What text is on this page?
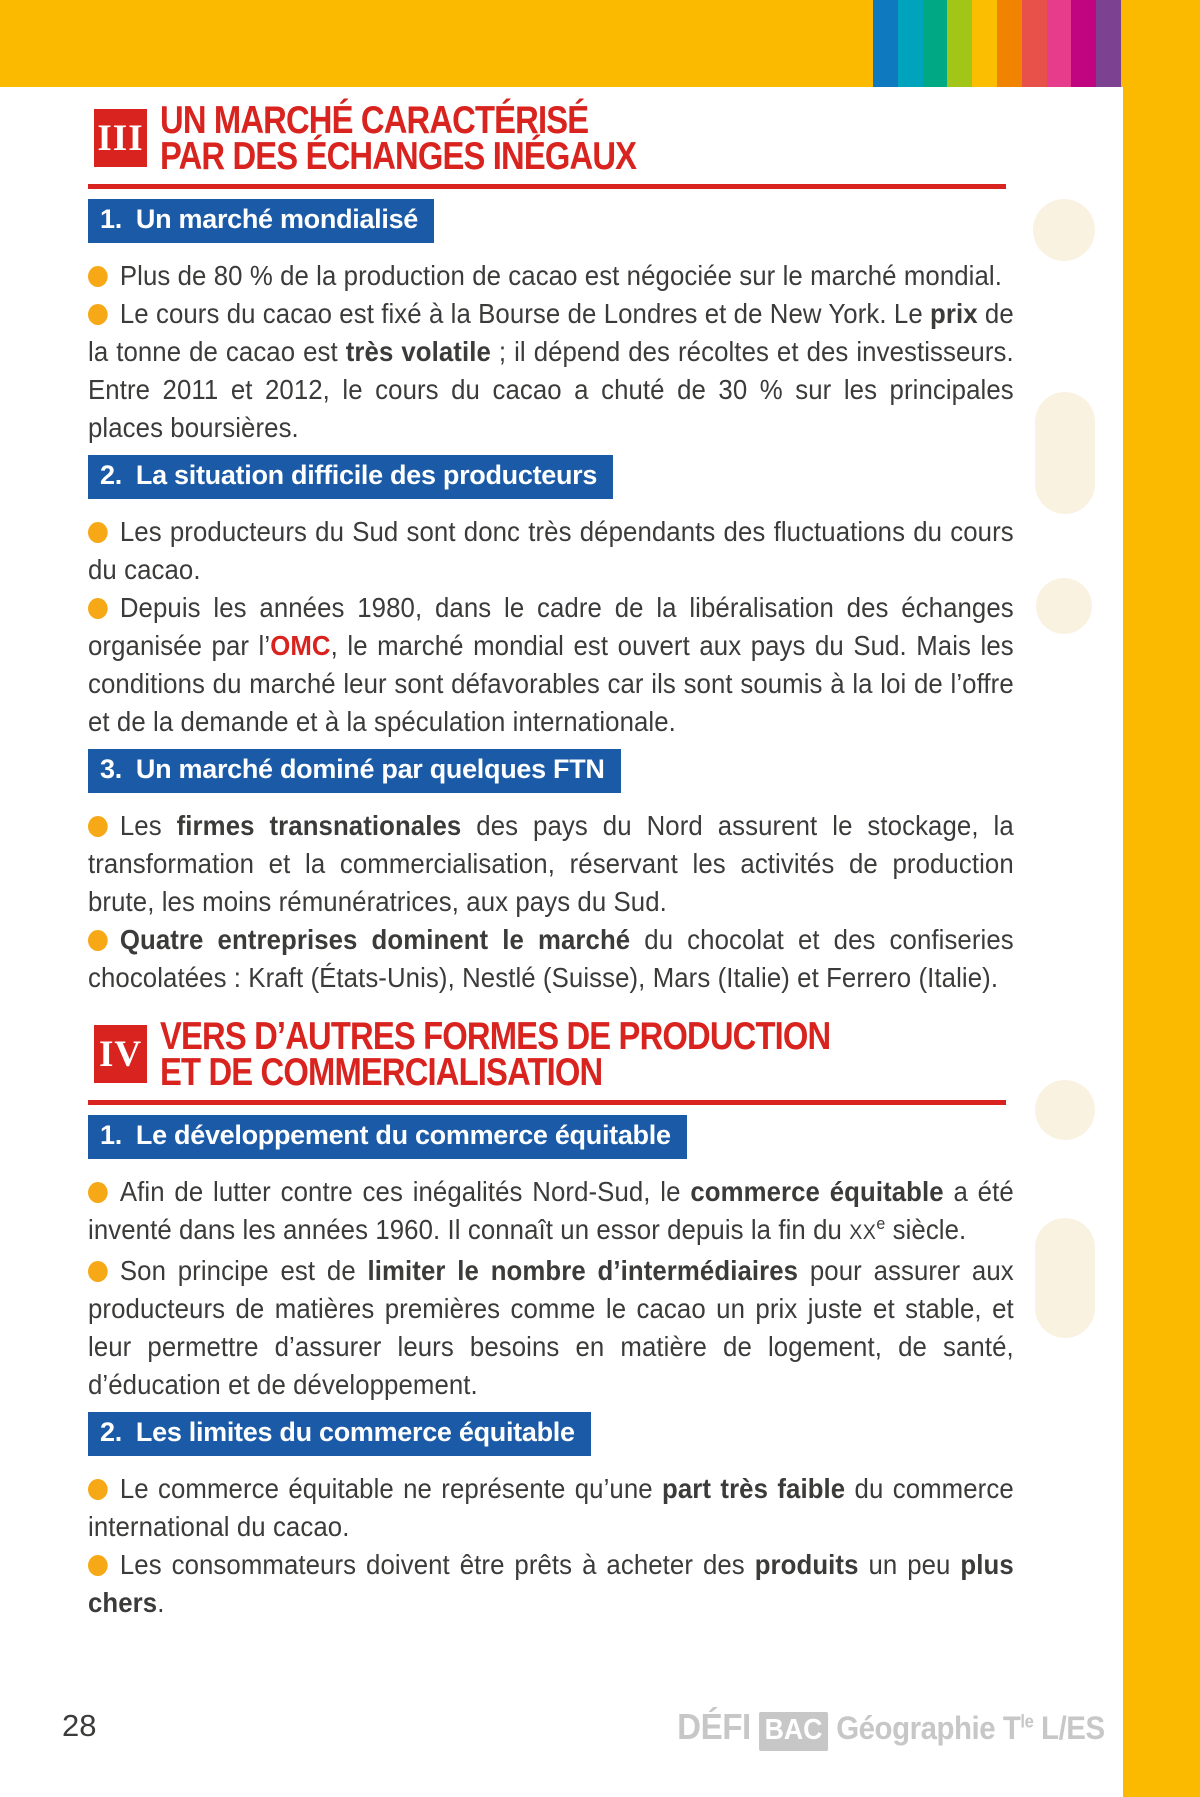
III UN MARCHÉ CARACTÉRISÉ
PAR DES ÉCHANGES INÉGAUX
1. Un marché mondialisé

Plus de 80 % de la production de cacao est négociée sur le marché mondial.

Le cours du cacao est fixé à la Bourse de Londres et de New York. Le prix de la tonne de cacao est très volatile ; il dépend des récoltes et des investisseurs. Entre 2011 et 2012, le cours du cacao a chuté de 30 % sur les principales places boursières.

2. La situation difficile des producteurs

Les producteurs du Sud sont donc très dépendants des fluctuations du cours du cacao.

Depuis les années 1980, dans le cadre de la libéralisation des échanges organisée par l’OMC, le marché mondial est ouvert aux pays du Sud. Mais les conditions du marché leur sont défavorables car ils sont soumis à la loi de l’offre et de la demande et à la spéculation internationale.

3. Un marché dominé par quelques FTN

Les firmes transnationales des pays du Nord assurent le stockage, la transformation et la commercialisation, réservant les activités de production brute, les moins rémunératrices, aux pays du Sud.

Quatre entreprises dominent le marché du chocolat et des confiseries chocolatées : Kraft (États-Unis), Nestlé (Suisse), Mars (Italie) et Ferrero (Italie).

IV VERS D’AUTRES FORMES DE PRODUCTION
ET DE COMMERCIALISATION
1. Le développement du commerce équitable

Afin de lutter contre ces inégalités Nord-Sud, le commerce équitable a été inventé dans les années 1960. Il connaît un essor depuis la fin du XXe siècle.

Son principe est de limiter le nombre d’intermédiaires pour assurer aux producteurs de matières premières comme le cacao un prix juste et stable, et leur permettre d’assurer leurs besoins en matière de logement, de santé, d’éducation et de développement.

2. Les limites du commerce équitable

Le commerce équitable ne représente qu’une part très faible du commerce international du cacao.

Les consommateurs doivent être prêts à acheter des produits un peu plus chers.

28	DÉFI BAC Géographie $T^{le}$ L/ES
